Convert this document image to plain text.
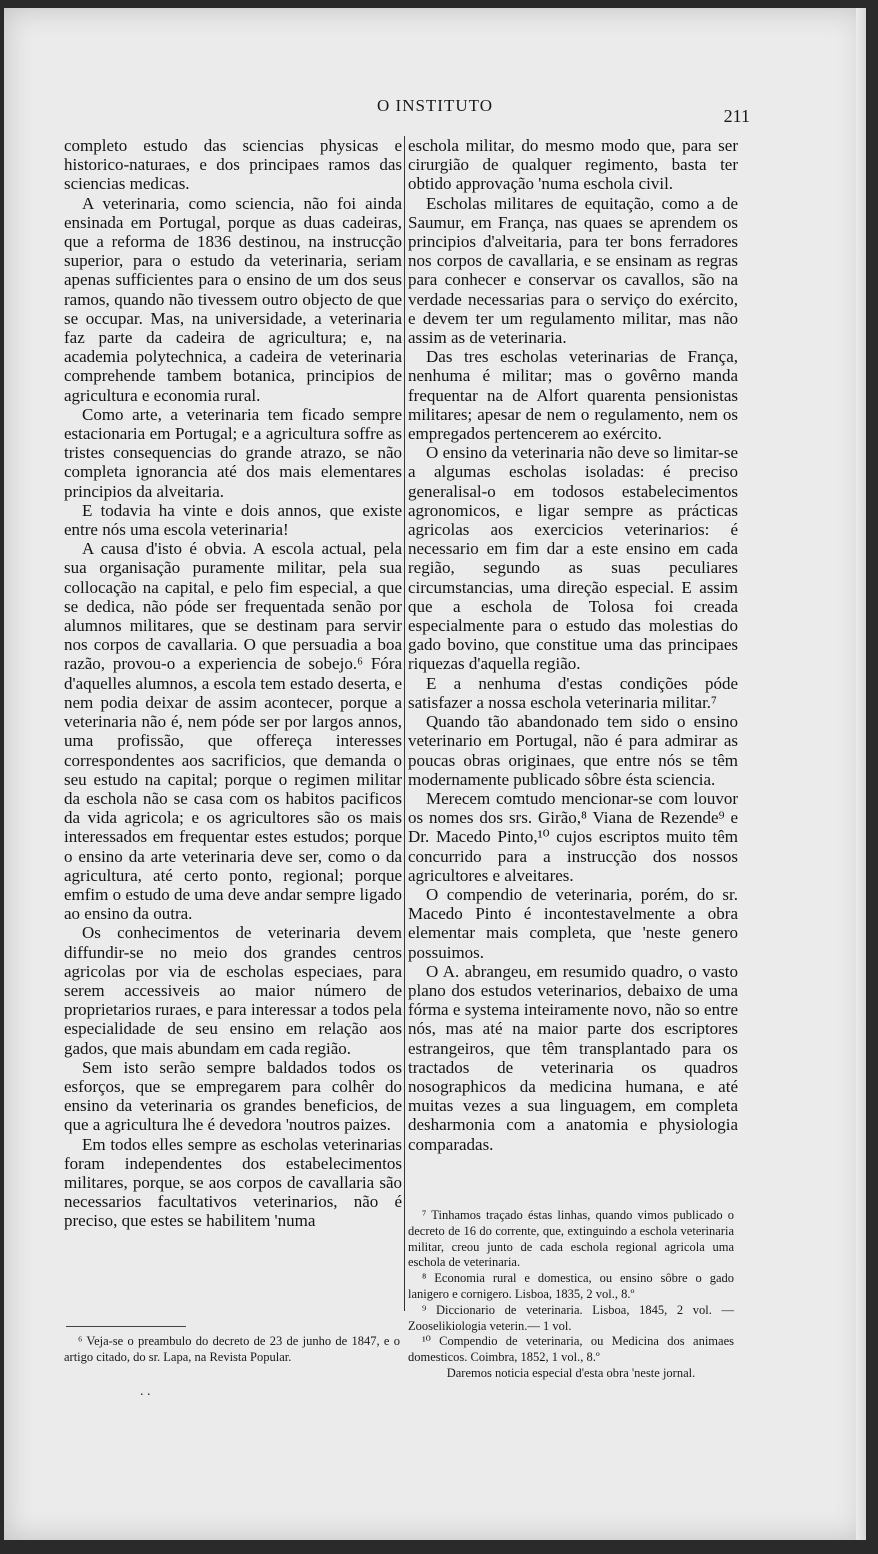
O INSTITUTO
211

completo estudo das sciencias physicas e historico-naturaes, e dos principaes ramos das sciencias medicas.

A veterinaria, como sciencia, não foi ainda ensinada em Portugal, porque as duas cadeiras, que a reforma de 1836 destinou, na instrucção superior, para o estudo da veterinaria, seriam apenas sufficientes para o ensino de um dos seus ramos, quando não tivessem outro objecto de que se occupar. Mas, na universidade, a veterinaria faz parte da cadeira de agricultura; e, na academia polytechnica, a cadeira de veterinaria comprehende tambem botanica, principios de agricultura e economia rural.

Como arte, a veterinaria tem ficado sempre estacionaria em Portugal; e a agricultura soffre as tristes consequencias do grande atrazo, se não completa ignorancia até dos mais elementares principios da alveitaria.

E todavia ha vinte e dois annos, que existe entre nós uma escola veterinaria!

A causa d'isto é obvia. A escola actual, pela sua organisação puramente militar, pela sua collocação na capital, e pelo fim especial, a que se dedica, não póde ser frequentada senão por alumnos militares, que se destinam para servir nos corpos de cavallaria. O que persuadia a boa razão, provou-o a experiencia de sobejo.⁶ Fóra d'aquelles alumnos, a escola tem estado deserta, e nem podia deixar de assim acontecer, porque a veterinaria não é, nem póde ser por largos annos, uma profissão, que offereça interesses correspondentes aos sacrificios, que demanda o seu estudo na capital; porque o regimen militar da eschola não se casa com os habitos pacificos da vida agricola; e os agricultores são os mais interessados em frequentar estes estudos; porque o ensino da arte veterinaria deve ser, como o da agricultura, até certo ponto, regional; porque emfim o estudo de uma deve andar sempre ligado ao ensino da outra.

Os conhecimentos de veterinaria devem diffundir-se no meio dos grandes centros agricolas por via de escholas especiaes, para serem accessiveis ao maior número de proprietarios ruraes, e para interessar a todos pela especialidade de seu ensino em relação aos gados, que mais abundam em cada região.

Sem isto serão sempre baldados todos os esforços, que se empregarem para colhêr do ensino da veterinaria os grandes beneficios, de que a agricultura lhe é devedora 'noutros paizes.

Em todos elles sempre as escholas veterinarias foram independentes dos estabelecimentos militares, porque, se aos corpos de cavallaria são necessarios facultativos veterinarios, não é preciso, que estes se habilitem 'numa

eschola militar, do mesmo modo que, para ser cirurgião de qualquer regimento, basta ter obtido approvação 'numa eschola civil.

Escholas militares de equitação, como a de Saumur, em França, nas quaes se aprendem os principios d'alveitaria, para ter bons ferradores nos corpos de cavallaria, e se ensinam as regras para conhecer e conservar os cavallos, são na verdade necessarias para o serviço do exército, e devem ter um regulamento militar, mas não assim as de veterinaria.

Das tres escholas veterinarias de França, nenhuma é militar; mas o govêrno manda frequentar na de Alfort quarenta pensionistas militares; apesar de nem o regulamento, nem os empregados pertencerem ao exército.

O ensino da veterinaria não deve so limitar-se a algumas escholas isoladas: é preciso generalisal-o em todosos estabelecimentos agronomicos, e ligar sempre as prácticas agricolas aos exercicios veterinarios: é necessario em fim dar a este ensino em cada região, segundo as suas peculiares circumstancias, uma direção especial. E assim que a eschola de Tolosa foi creada especialmente para o estudo das molestias do gado bovino, que constitue uma das principaes riquezas d'aquella região.

E a nenhuma d'estas condições póde satisfazer a nossa eschola veterinaria militar.⁷

Quando tão abandonado tem sido o ensino veterinario em Portugal, não é para admirar as poucas obras originaes, que entre nós se têm modernamente publicado sôbre ésta sciencia.

Merecem comtudo mencionar-se com louvor os nomes dos srs. Girão,⁸ Viana de Rezende⁹ e Dr. Macedo Pinto,¹⁰ cujos escriptos muito têm concurrido para a instrucção dos nossos agricultores e alveitares.

O compendio de veterinaria, porém, do sr. Macedo Pinto é incontestavelmente a obra elementar mais completa, que 'neste genero possuimos.

O A. abrangeu, em resumido quadro, o vasto plano dos estudos veterinarios, debaixo de uma fórma e systema inteiramente novo, não so entre nós, mas até na maior parte dos escriptores estrangeiros, que têm transplantado para os tractados de veterinaria os quadros nosographicos da medicina humana, e até muitas vezes a sua linguagem, em completa desharmonia com a anatomia e physiologia comparadas.

⁶ Veja-se o preambulo do decreto de 23 de junho de 1847, e o artigo citado, do sr. Lapa, na Revista Popular.

. .

⁷ Tinhamos traçado éstas linhas, quando vimos publicado o decreto de 16 do corrente, que, extinguindo a eschola veterinaria militar, creou junto de cada eschola regional agricola uma eschola de veterinaria.

⁸ Economia rural e domestica, ou ensino sôbre o gado lanigero e cornigero. Lisboa, 1835, 2 vol., 8.º

⁹ Diccionario de veterinaria. Lisboa, 1845, 2 vol. — Zooselikiologia veterin.— 1 vol.

¹⁰ Compendio de veterinaria, ou Medicina dos animaes domesticos. Coimbra, 1852, 1 vol., 8.º

Daremos noticia especial d'esta obra 'neste jornal.
